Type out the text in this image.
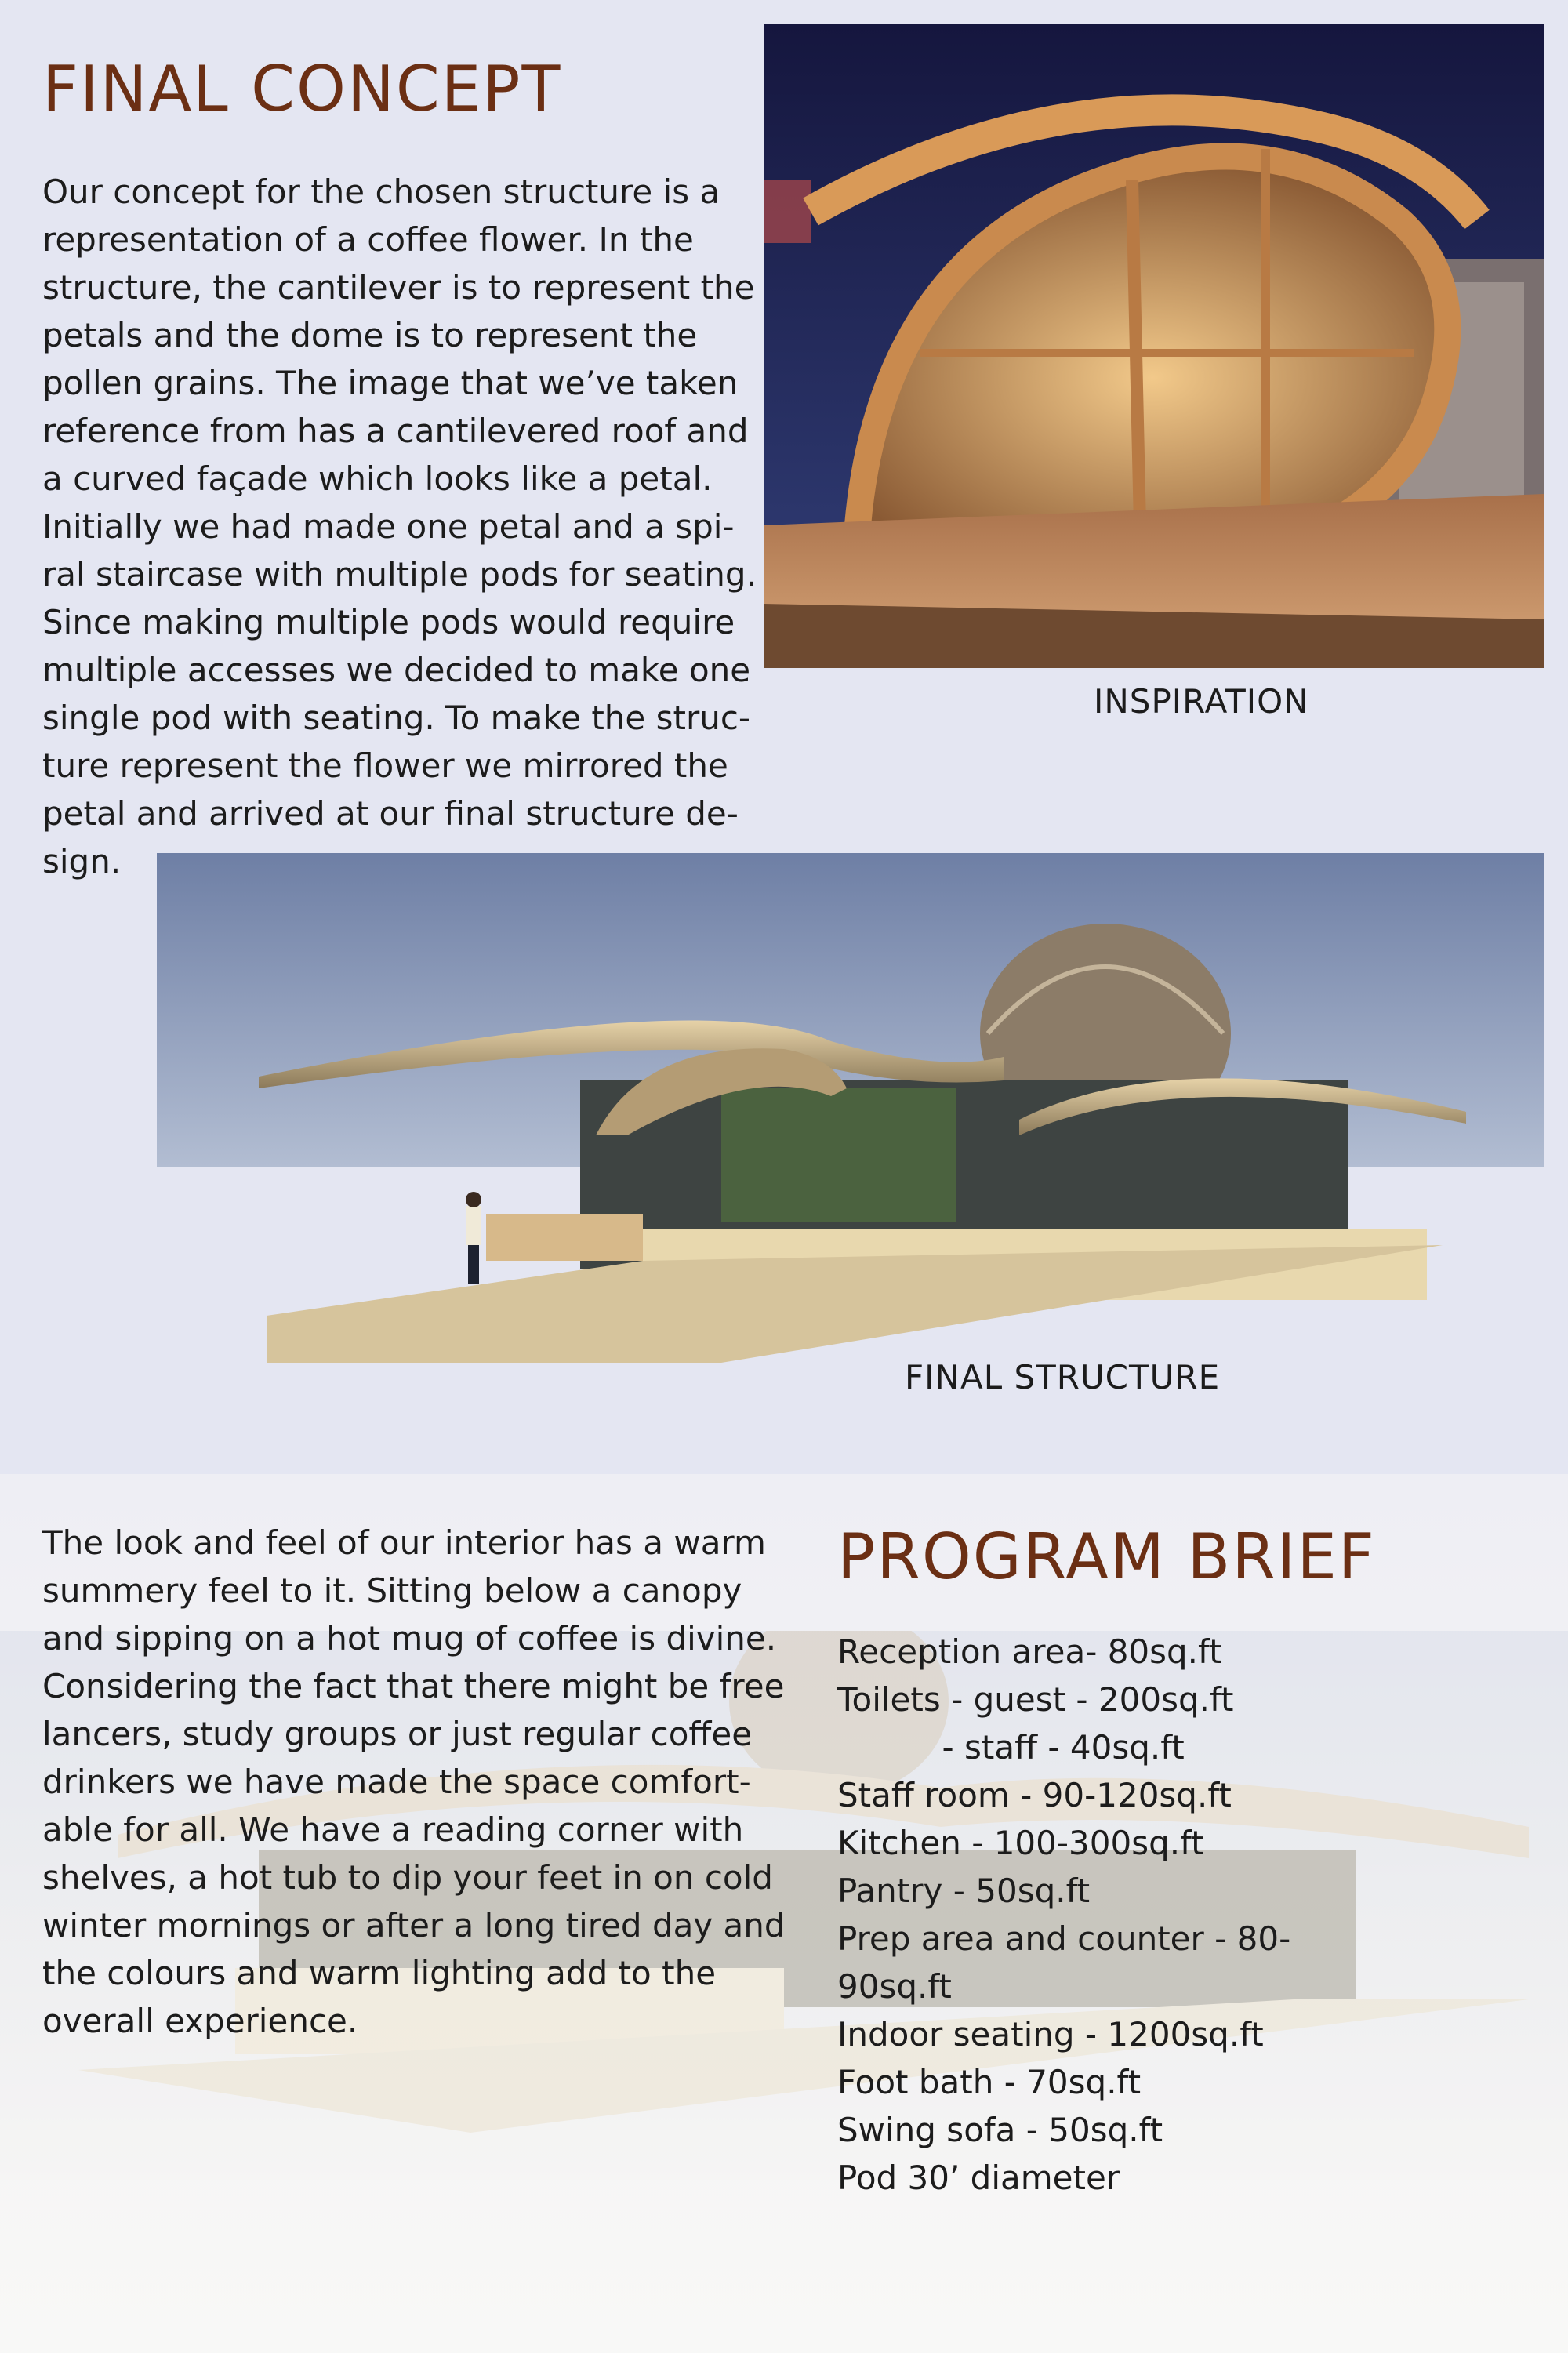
FINAL CONCEPT
Our concept for the chosen structure is a
representation of a coffee flower. In the
structure, the cantilever is to represent the
petals and the dome is to represent the
pollen grains. The image that we’ve taken
reference from has a cantilevered roof and
a curved façade which looks like a petal.
Initially we had made one petal and a spi-
ral staircase with multiple pods for seating.
Since making multiple pods would require
multiple accesses we decided to make one
single pod with seating. To make the struc-
ture represent the flower we mirrored the
petal and arrived at our final structure de-
sign.
INSPIRATION
FINAL STRUCTURE
The look and feel of our interior has a warm
summery feel to it. Sitting below a canopy
and sipping on a hot mug of coffee is divine.
Considering the fact that there might be free
lancers, study groups or just regular coffee
drinkers we have made the space comfort-
able for all. We have a reading corner with
shelves, a hot tub to dip your feet in on cold
winter mornings or after a long tired day and
the colours and warm lighting add to the
overall experience.
PROGRAM BRIEF
Reception area- 80sq.ft
Toilets - guest - 200sq.ft
- staff - 40sq.ft
Staff room - 90-120sq.ft
Kitchen - 100-300sq.ft
Pantry - 50sq.ft
Prep area and counter - 80-
90sq.ft
Indoor seating - 1200sq.ft
Foot bath - 70sq.ft
Swing sofa - 50sq.ft
Pod 30’ diameter
